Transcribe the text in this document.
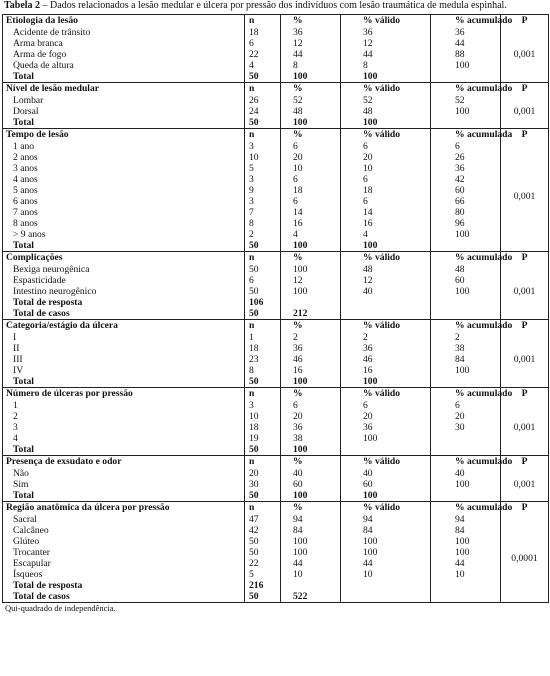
Tabela 2 – Dados relacionados a lesão medular e úlcera por pressão dos indivíduos com lesão traumática de medula espinhal.
Etiologia da lesão	n	%	% válido	% acumulado	P
Acidente de trânsito	18	36	36	36	0,001
Arma branca	6	12	12	44	
Arma de fogo	22	44	44	88	
Queda de altura	4	8	8	100	
Total	50	100	100		
Nível de lesão medular	n	%	% válido	% acumulado	P
Lombar	26	52	52	52	0,001
Dorsal	24	48	48	100	
Total	50	100	100		
Tempo de lesão	n	%	% válido	% acumulada	P
1 ano	3	6	6	6	0,001
2 anos	10	20	20	26	
3 anos	5	10	10	36	
4 anos	3	6	6	42	
5 anos	9	18	18	60	
6 anos	3	6	6	66	
7 anos	7	14	14	80	
8 anos	8	16	16	96	
> 9 anos	2	4	4	100	
Total	50	100	100		
Complicações	n	%	% válido	% acumulado	P
Bexiga neurogênica	50	100	48	48	0,001
Espasticidade	6	12	12	60	
Intestino neurogênico	50	100	40	100	
Total de resposta	106				
Total de casos	50	212			
Categoria/estágio da úlcera	n	%	% válido	% acumulado	P
I	1	2	2	2	0,001
II	18	36	36	38	
III	23	46	46	84	
IV	8	16	16	100	
Total	50	100	100		
Número de úlceras por pressão	n	%	% válido	% acumulado	P
1	3	6	6	6	0,001
2	10	20	20	20	
3	18	36	36	30	
4	19	38	100		
Total	50	100			
Presença de exsudato e odor	n	%	% válido	% acumulado	P
Não	20	40	40	40	0,001
Sim	30	60	60	100	
Total	50	100	100		
Região anatômica da úlcera por pressão	n	%	% válido	% acumulado	P
Sacral	47	94	94	94	0,0001
Calcâneo	42	84	84	84	
Glúteo	50	100	100	100	
Trocanter	50	100	100	100	
Escapular	22	44	44	44	
Ísqueos	5	10	10	10	
Total de resposta	216				
Total de casos	50	522			
Qui-quadrado de independência.
